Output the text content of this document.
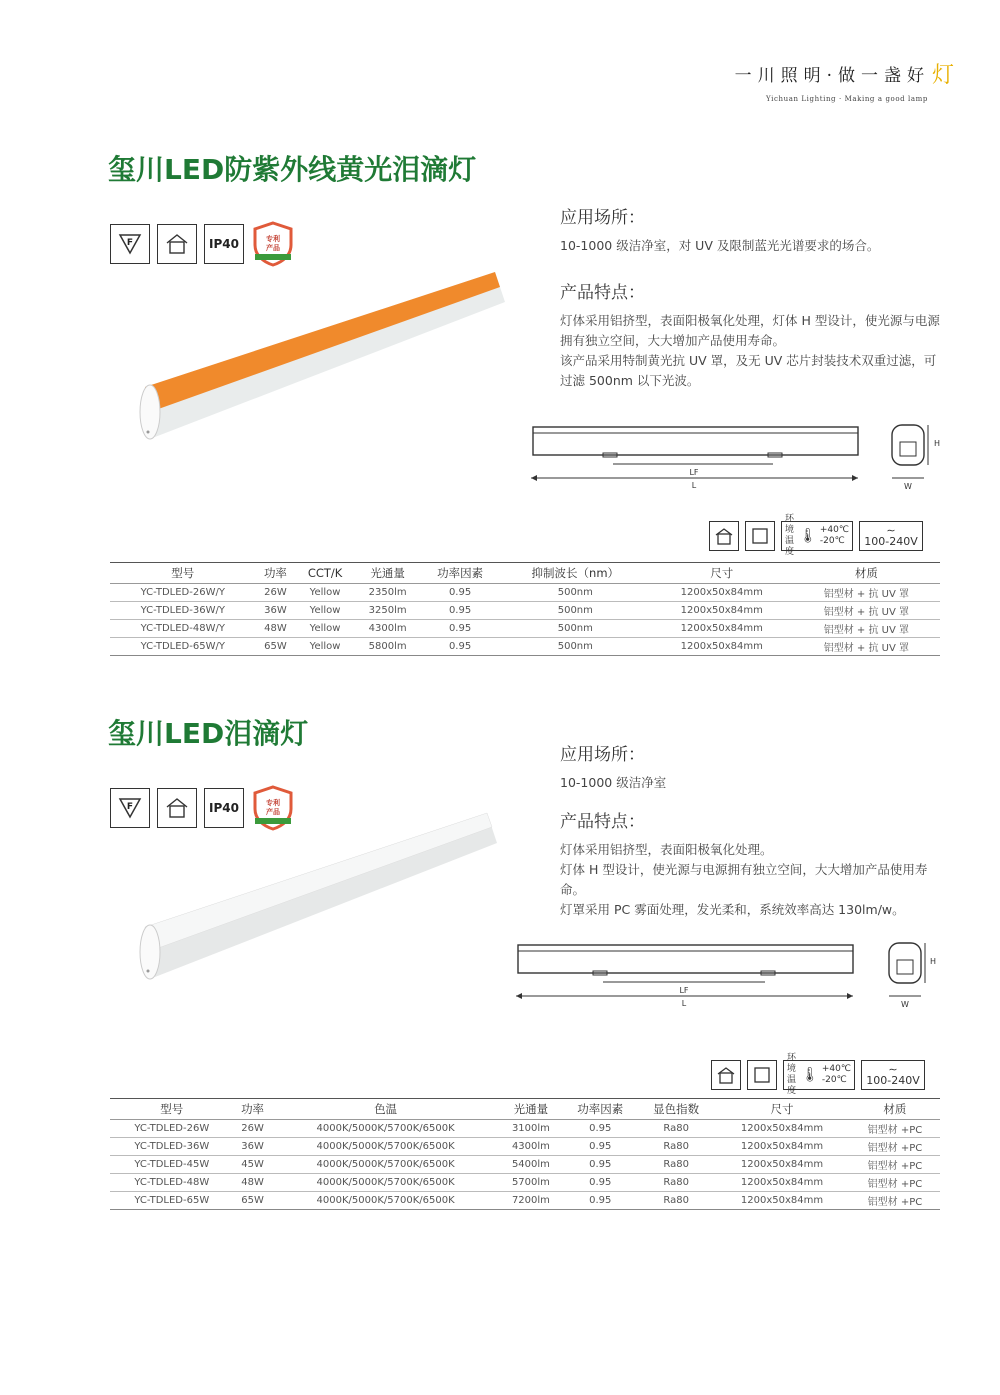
一川照明·做一盏好 灯
Yichuan Lighting · Making a good lamp
玺川LED防紫外线黄光泪滴灯
F	IP40	专利
产品
应用场所：

10-1000 级洁净室，对 UV 及限制蓝光光谱要求的场合。

产品特点：

灯体采用铝挤型，表面阳极氧化处理，灯体 H 型设计，使光源与电源拥有独立空间，大大增加产品使用寿命。

该产品采用特制黄光抗 UV 罩，及无 UV 芯片封装技术双重过滤，可过滤 500nm 以下光波。

LF
L
H
W
环境
温度
🌡 +40℃
-20℃
∼
100-240V
型号	功率	CCT/K	光通量	功率因素	抑制波长（nm）	尺寸	材质
YC-TDLED-26W/Y	26W	Yellow	2350lm	0.95	500nm	1200x50x84mm	铝型材 + 抗 UV 罩
YC-TDLED-36W/Y	36W	Yellow	3250lm	0.95	500nm	1200x50x84mm	铝型材 + 抗 UV 罩
YC-TDLED-48W/Y	48W	Yellow	4300lm	0.95	500nm	1200x50x84mm	铝型材 + 抗 UV 罩
YC-TDLED-65W/Y	65W	Yellow	5800lm	0.95	500nm	1200x50x84mm	铝型材 + 抗 UV 罩
玺川LED泪滴灯
F	IP40	专利
产品
应用场所：

10-1000 级洁净室

产品特点：

灯体采用铝挤型，表面阳极氧化处理。

灯体 H 型设计，使光源与电源拥有独立空间，大大增加产品使用寿命。

灯罩采用 PC 雾面处理，发光柔和，系统效率高达 130lm/w。

LF
L
H
W
环境
温度
🌡 +40℃
-20℃
∼
100-240V
型号	功率	色温	光通量	功率因素	显色指数	尺寸	材质
YC-TDLED-26W	26W	4000K/5000K/5700K/6500K	3100lm	0.95	Ra80	1200x50x84mm	铝型材 +PC
YC-TDLED-36W	36W	4000K/5000K/5700K/6500K	4300lm	0.95	Ra80	1200x50x84mm	铝型材 +PC
YC-TDLED-45W	45W	4000K/5000K/5700K/6500K	5400lm	0.95	Ra80	1200x50x84mm	铝型材 +PC
YC-TDLED-48W	48W	4000K/5000K/5700K/6500K	5700lm	0.95	Ra80	1200x50x84mm	铝型材 +PC
YC-TDLED-65W	65W	4000K/5000K/5700K/6500K	7200lm	0.95	Ra80	1200x50x84mm	铝型材 +PC
